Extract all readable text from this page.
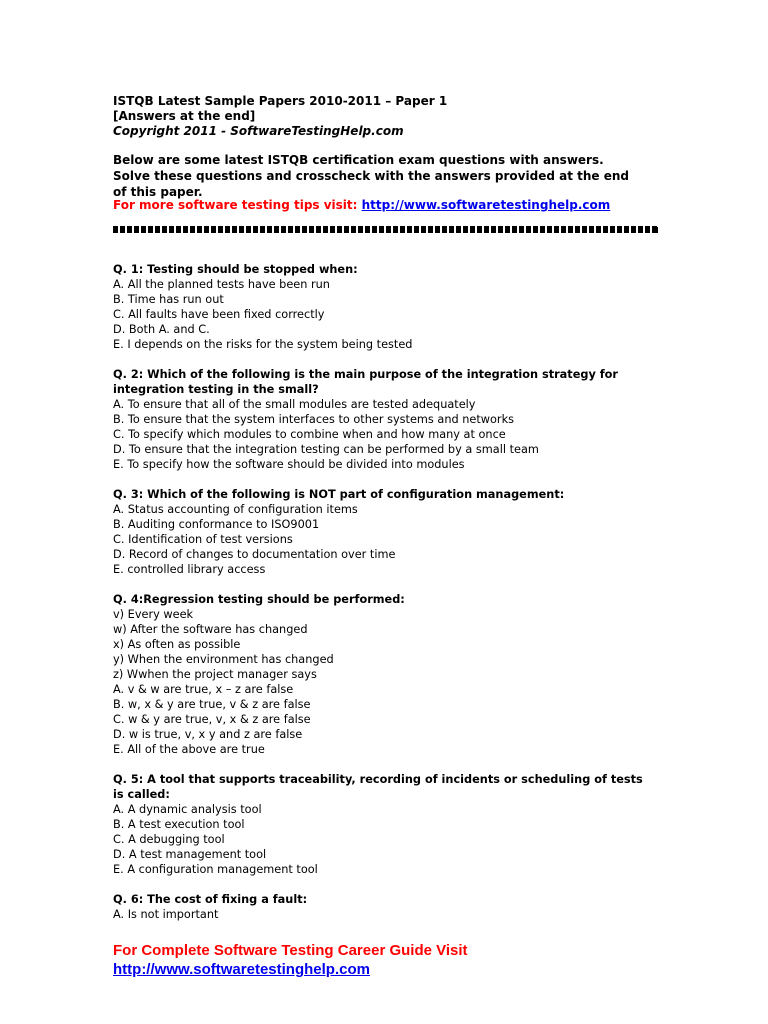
ISTQB Latest Sample Papers 2010-2011 – Paper 1
[Answers at the end]
Copyright 2011 - SoftwareTestingHelp.com
Below are some latest ISTQB certification exam questions with answers. Solve these questions and crosscheck with the answers provided at the end of this paper.
For more software testing tips visit: http://www.softwaretestinghelp.com
Q. 1: Testing should be stopped when:
A. All the planned tests have been run
B. Time has run out
C. All faults have been fixed correctly
D. Both A. and C.
E. I depends on the risks for the system being tested
Q. 2: Which of the following is the main purpose of the integration strategy for integration testing in the small?
A. To ensure that all of the small modules are tested adequately
B. To ensure that the system interfaces to other systems and networks
C. To specify which modules to combine when and how many at once
D. To ensure that the integration testing can be performed by a small team
E. To specify how the software should be divided into modules
Q. 3: Which of the following is NOT part of configuration management:
A. Status accounting of configuration items
B. Auditing conformance to ISO9001
C. Identification of test versions
D. Record of changes to documentation over time
E. controlled library access
Q. 4:Regression testing should be performed:
v) Every week
w) After the software has changed
x) As often as possible
y) When the environment has changed
z) Wwhen the project manager says
A. v & w are true, x – z are false
B. w, x & y are true, v & z are false
C. w & y are true, v, x & z are false
D. w is true, v, x y and z are false
E. All of the above are true
Q. 5: A tool that supports traceability, recording of incidents or scheduling of tests is called:
A. A dynamic analysis tool
B. A test execution tool
C. A debugging tool
D. A test management tool
E. A configuration management tool
Q. 6: The cost of fixing a fault:
A. Is not important
For Complete Software Testing Career Guide Visit
http://www.softwaretestinghelp.com
